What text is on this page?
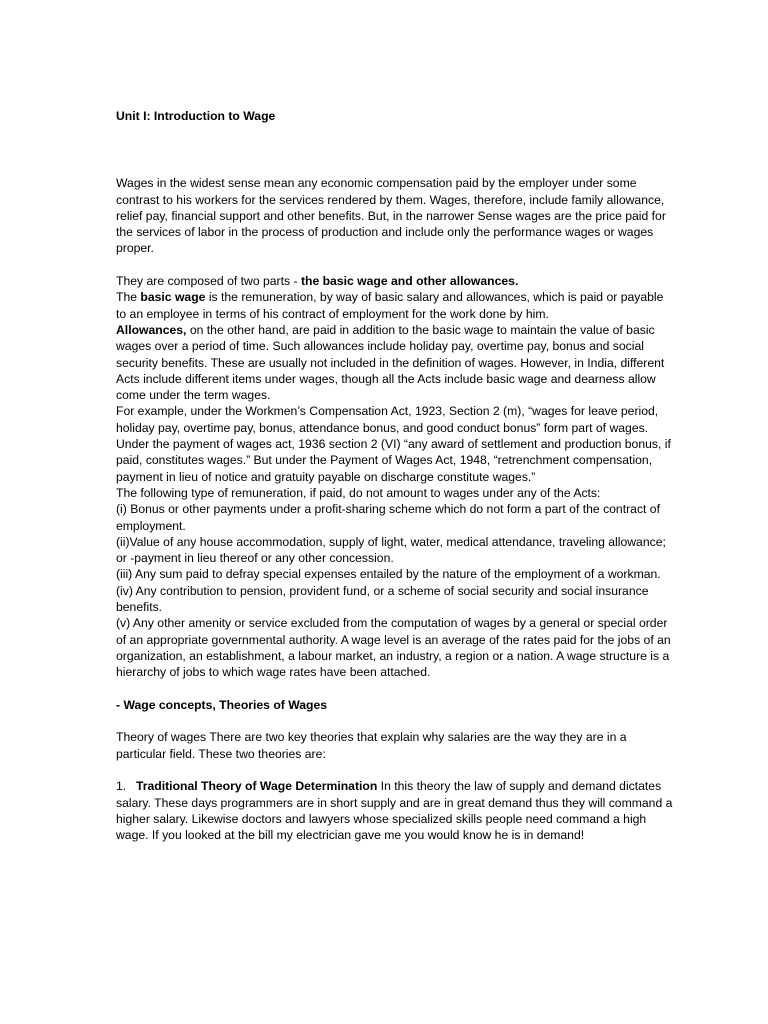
Unit I: Introduction to Wage

Wages in the widest sense mean any economic compensation paid by the employer under some contrast to his workers for the services rendered by them. Wages, therefore, include family allowance, relief pay, financial support and other benefits. But, in the narrower Sense wages are the price paid for the services of labor in the process of production and include only the performance wages or wages proper.

They are composed of two parts - the basic wage and other allowances.

The basic wage is the remuneration, by way of basic salary and allowances, which is paid or payable to an employee in terms of his contract of employment for the work done by him.

Allowances, on the other hand, are paid in addition to the basic wage to maintain the value of basic wages over a period of time. Such allowances include holiday pay, overtime pay, bonus and social security benefits. These are usually not included in the definition of wages. However, in India, different Acts include different items under wages, though all the Acts include basic wage and dearness allow come under the term wages.

For example, under the Workmen’s Compensation Act, 1923, Section 2 (m), “wages for leave period, holiday pay, overtime pay, bonus, attendance bonus, and good conduct bonus” form part of wages. Under the payment of wages act, 1936 section 2 (VI) “any award of settlement and production bonus, if paid, constitutes wages.” But under the Payment of Wages Act, 1948, “retrenchment compensation, payment in lieu of notice and gratuity payable on discharge constitute wages.”

The following type of remuneration, if paid, do not amount to wages under any of the Acts:

(i) Bonus or other payments under a profit-sharing scheme which do not form a part of the contract of employment.

(ii)Value of any house accommodation, supply of light, water, medical attendance, traveling allowance; or -payment in lieu thereof or any other concession.

(iii) Any sum paid to defray special expenses entailed by the nature of the employment of a workman.

(iv) Any contribution to pension, provident fund, or a scheme of social security and social insurance benefits.

(v) Any other amenity or service excluded from the computation of wages by a general or special order of an appropriate governmental authority. A wage level is an average of the rates paid for the jobs of an organization, an establishment, a labour market, an industry, a region or a nation. A wage structure is a hierarchy of jobs to which wage rates have been attached.

- Wage concepts, Theories of Wages

Theory of wages There are two key theories that explain why salaries are the way they are in a particular field. These two theories are:

1. Traditional Theory of Wage Determination In this theory the law of supply and demand dictates salary. These days programmers are in short supply and are in great demand thus they will command a higher salary. Likewise doctors and lawyers whose specialized skills people need command a high wage. If you looked at the bill my electrician gave me you would know he is in demand!
